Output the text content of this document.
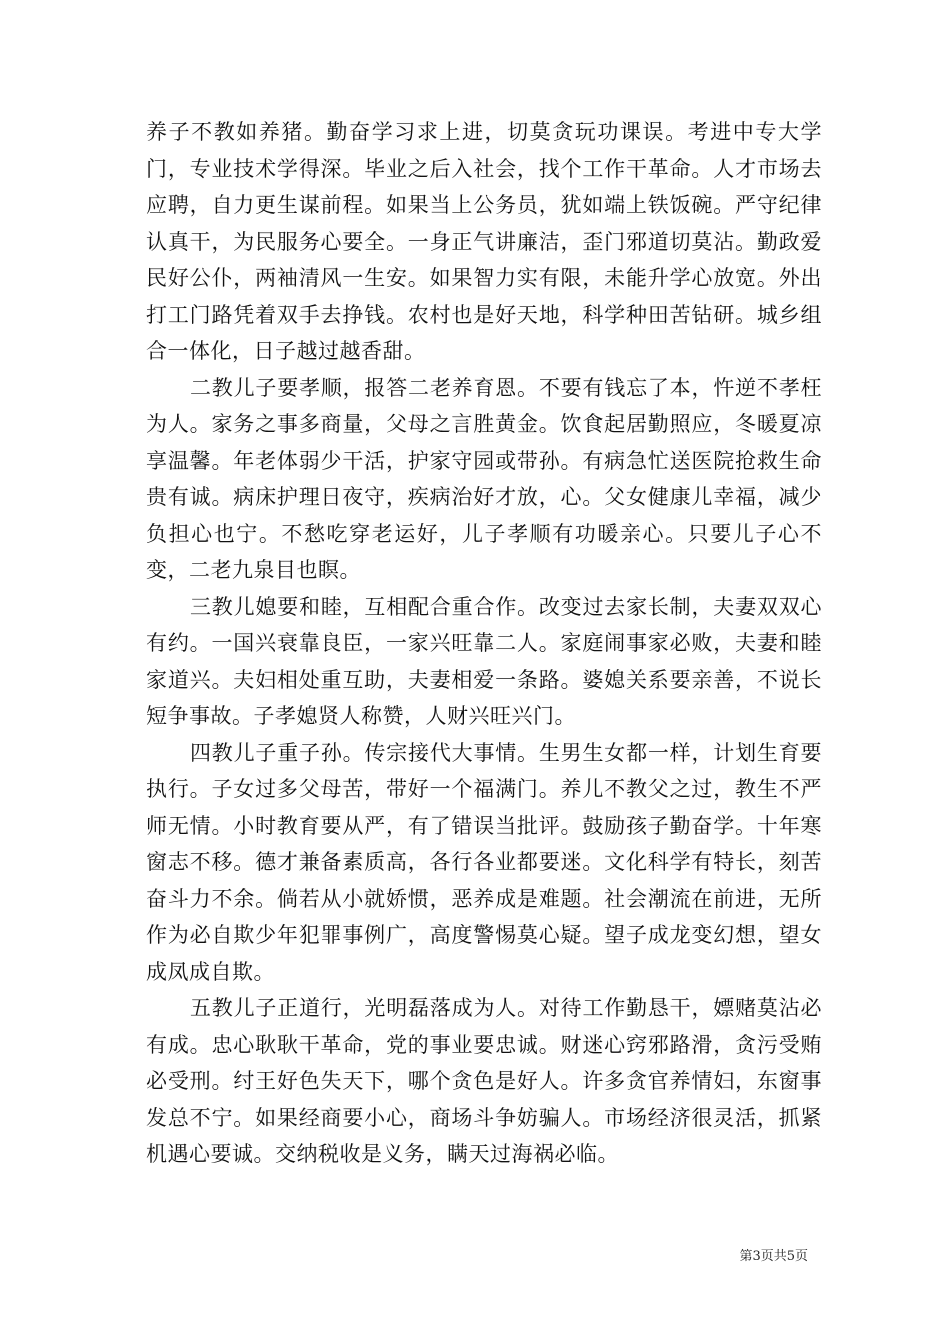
养子不教如养猪。勤奋学习求上进，切莫贪玩功课误。考进中专大学门，专业技术学得深。毕业之后入社会，找个工作干革命。人才市场去应聘，自力更生谋前程。如果当上公务员，犹如端上铁饭碗。严守纪律认真干，为民服务心要全。一身正气讲廉洁，歪门邪道切莫沾。勤政爱民好公仆，两袖清风一生安。如果智力实有限，未能升学心放宽。外出打工门路凭着双手去挣钱。农村也是好天地，科学种田苦钻研。城乡组合一体化，日子越过越香甜。

二教儿子要孝顺，报答二老养育恩。不要有钱忘了本，忤逆不孝枉为人。家务之事多商量，父母之言胜黄金。饮食起居勤照应，冬暖夏凉享温馨。年老体弱少干活，护家守园或带孙。有病急忙送医院抢救生命贵有诚。病床护理日夜守，疾病治好才放，心。父女健康儿幸福，减少负担心也宁。不愁吃穿老运好，儿子孝顺有功暖亲心。只要儿子心不变，二老九泉目也瞑。

三教儿媳要和睦，互相配合重合作。改变过去家长制，夫妻双双心有约。一国兴衰靠良臣，一家兴旺靠二人。家庭闹事家必败，夫妻和睦家道兴。夫妇相处重互助，夫妻相爱一条路。婆媳关系要亲善，不说长短争事故。子孝媳贤人称赞，人财兴旺兴门。

四教儿子重子孙。传宗接代大事情。生男生女都一样，计划生育要执行。子女过多父母苦，带好一个福满门。养儿不教父之过，教生不严师无情。小时教育要从严，有了错误当批评。鼓励孩子勤奋学。十年寒窗志不移。德才兼备素质高，各行各业都要迷。文化科学有特长，刻苦奋斗力不余。倘若从小就娇惯，恶养成是难题。社会潮流在前进，无所作为必自欺少年犯罪事例广，高度警惕莫心疑。望子成龙变幻想，望女成凤成自欺。

五教儿子正道行，光明磊落成为人。对待工作勤恳干，嫖赌莫沾必有成。忠心耿耿干革命，党的事业要忠诚。财迷心窍邪路滑，贪污受贿必受刑。纣王好色失天下，哪个贪色是好人。许多贪官养情妇，东窗事发总不宁。如果经商要小心，商场斗争妨骗人。市场经济很灵活，抓紧机遇心要诚。交纳税收是义务，瞒天过海祸必临。

第3页共5页
